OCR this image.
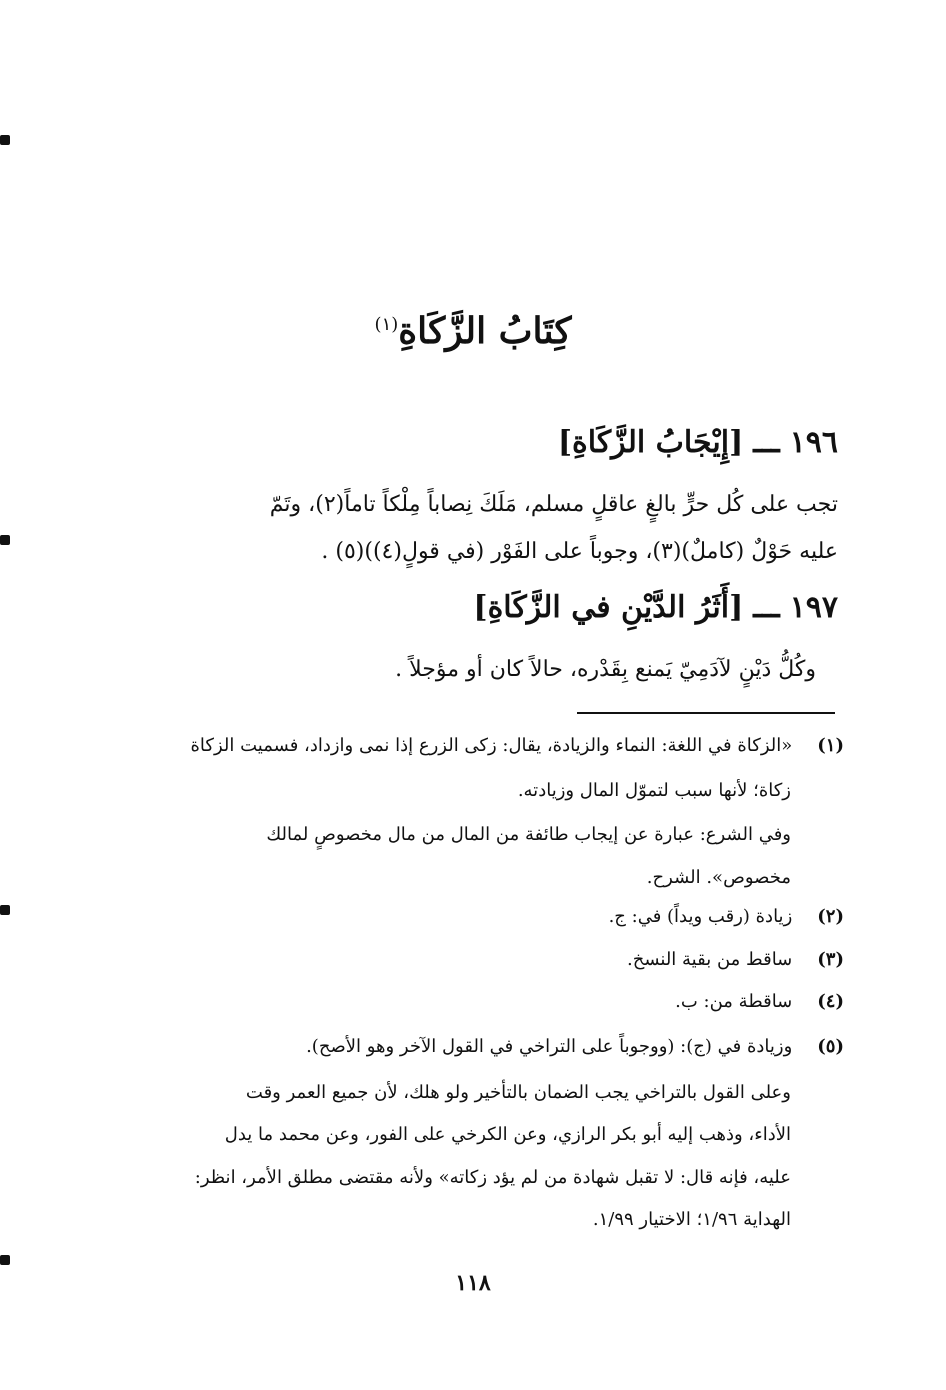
كِتَابُ الزَّكَاةِ$^{(١)}$
١٩٦ـــ[إِيْجَابُ الزَّكَاةِ]
تجب على كُل حرٍّ بالغٍ عاقلٍ مسلم، مَلَكَ نِصاباً مِلْكاً تاماً(٢)، وتَمّ
عليه حَوْلٌ (كاملٌ)(٣)، وجوباً على الفَوْر (في قولٍ(٤))(٥) .
١٩٧ـــ[أَثَرُ الدَّيْنِ في الزَّكَاةِ]
وكُلُّ دَيْنٍ لآدَمِيّ يَمنع بِقَدْره، حالاً كان أو مؤجلاً .
(١) «الزكاة في اللغة: النماء والزيادة، يقال: زكى الزرع إذا نمى وازداد، فسميت الزكاة
زكاة؛ لأنها سبب لتموّل المال وزيادته.
وفي الشرع: عبارة عن إيجاب طائفة من المال من مال مخصوصٍ لمالك
مخصوص». الشرح.
(٢) زيادة (رقب ويداً) في: ج.
(٣) ساقط من بقية النسخ.
(٤) ساقطة من: ب.
(٥) وزيادة في (ج): (ووجوباً على التراخي في القول الآخر وهو الأصح).
وعلى القول بالتراخي يجب الضمان بالتأخير ولو هلك، لأن جميع العمر وقت
الأداء، وذهب إليه أبو بكر الرازي، وعن الكرخي على الفور، وعن محمد ما يدل
عليه، فإنه قال: لا تقبل شهادة من لم يؤد زكاته» ولأنه مقتضى مطلق الأمر، انظر:
الهداية ١/٩٦؛ الاختيار ١/٩٩.
١١٨
